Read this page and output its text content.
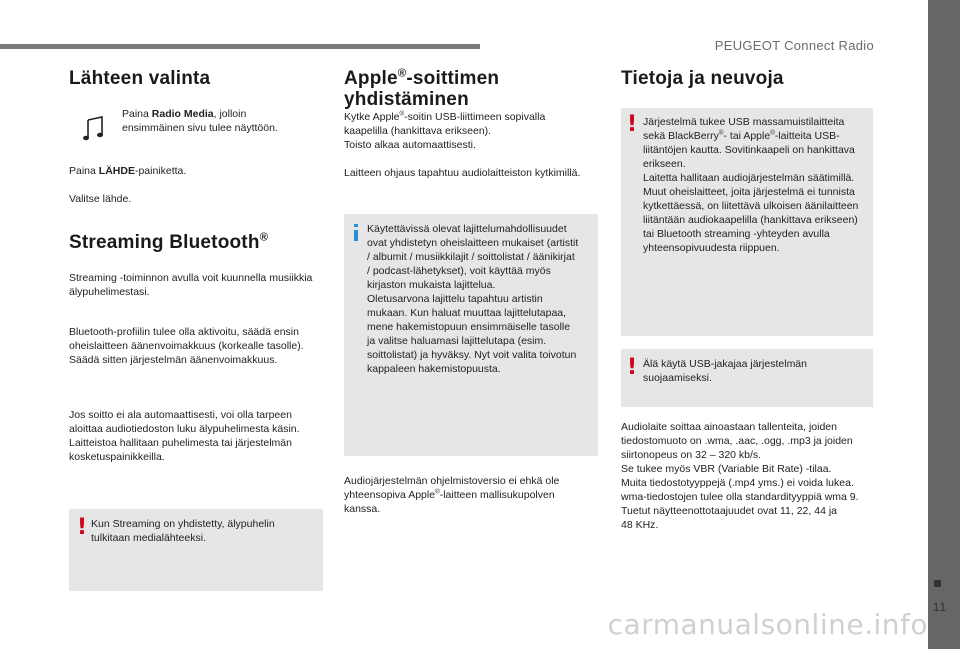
PEUGEOT Connect Radio
11
Lähteen valinta

Paina Radio Media, jolloin
ensimmäinen sivu tulee näyttöön.

Paina LÄHDE-painiketta.

Valitse lähde.

Streaming Bluetooth®

Streaming -toiminnon avulla voit kuunnella musiikkia
älypuhelimestasi.

Bluetooth-profiilin tulee olla aktivoitu, säädä ensin
oheislaitteen äänenvoimakkuus (korkealle tasolle).
Säädä sitten järjestelmän äänenvoimakkuus.

Jos soitto ei ala automaattisesti, voi olla tarpeen
aloittaa audiotiedoston luku älypuhelimesta käsin.
Laitteistoa hallitaan puhelimesta tai järjestelmän
kosketuspainikkeilla.

! Kun Streaming on yhdistetty, älypuhelin
tulkitaan medialähteeksi.

Apple®-soittimen
yhdistäminen

Kytke Apple®-soitin USB-liittimeen sopivalla
kaapelilla (hankittava erikseen).
Toisto alkaa automaattisesti.

Laitteen ohjaus tapahtuu audiolaitteiston kytkimillä.

Käytettävissä olevat lajittelumahdollisuudet
ovat yhdistetyn oheislaitteen mukaiset (artistit
/ albumit / musiikkilajit / soittolistat / äänikirjat
/ podcast-lähetykset), voit käyttää myös
kirjaston mukaista lajittelua.
Oletusarvona lajittelu tapahtuu artistin
mukaan. Kun haluat muuttaa lajittelutapaa,
mene hakemistopuun ensimmäiselle tasolle
ja valitse haluamasi lajittelutapa (esim.
soittolistat) ja hyväksy. Nyt voit valita toivotun
kappaleen hakemistopuusta.

Audiojärjestelmän ohjelmistoversio ei ehkä ole
yhteensopiva Apple®-laitteen mallisukupolven
kanssa.

Tietoja ja neuvoja
! Järjestelmä tukee USB massamuistilaitteita
sekä BlackBerry®- tai Apple®-laitteita USB-
liitäntöjen kautta. Sovitinkaapeli on hankittava
erikseen.
Laitetta hallitaan audiojärjestelmän säätimillä.
Muut oheislaitteet, joita järjestelmä ei tunnista
kytkettäessä, on liitettävä ulkoisen äänilaitteen
liitäntään audiokaapelilla (hankittava erikseen)
tai Bluetooth streaming -yhteyden avulla
yhteensopivuudesta riippuen.

! Älä käytä USB-jakajaa järjestelmän
suojaamiseksi.

Audiolaite soittaa ainoastaan tallenteita, joiden
tiedostomuoto on .wma, .aac, .ogg, .mp3 ja joiden
siirtonopeus on 32 – 320 kb/s.
Se tukee myös VBR (Variable Bit Rate) -tilaa.
Muita tiedostotyyppejä (.mp4 yms.) ei voida lukea.
wma-tiedostojen tulee olla standardityyppiä wma 9.
Tuetut näytteenottotaajuudet ovat 11, 22, 44 ja
48 KHz.

carmanualsonline.info
